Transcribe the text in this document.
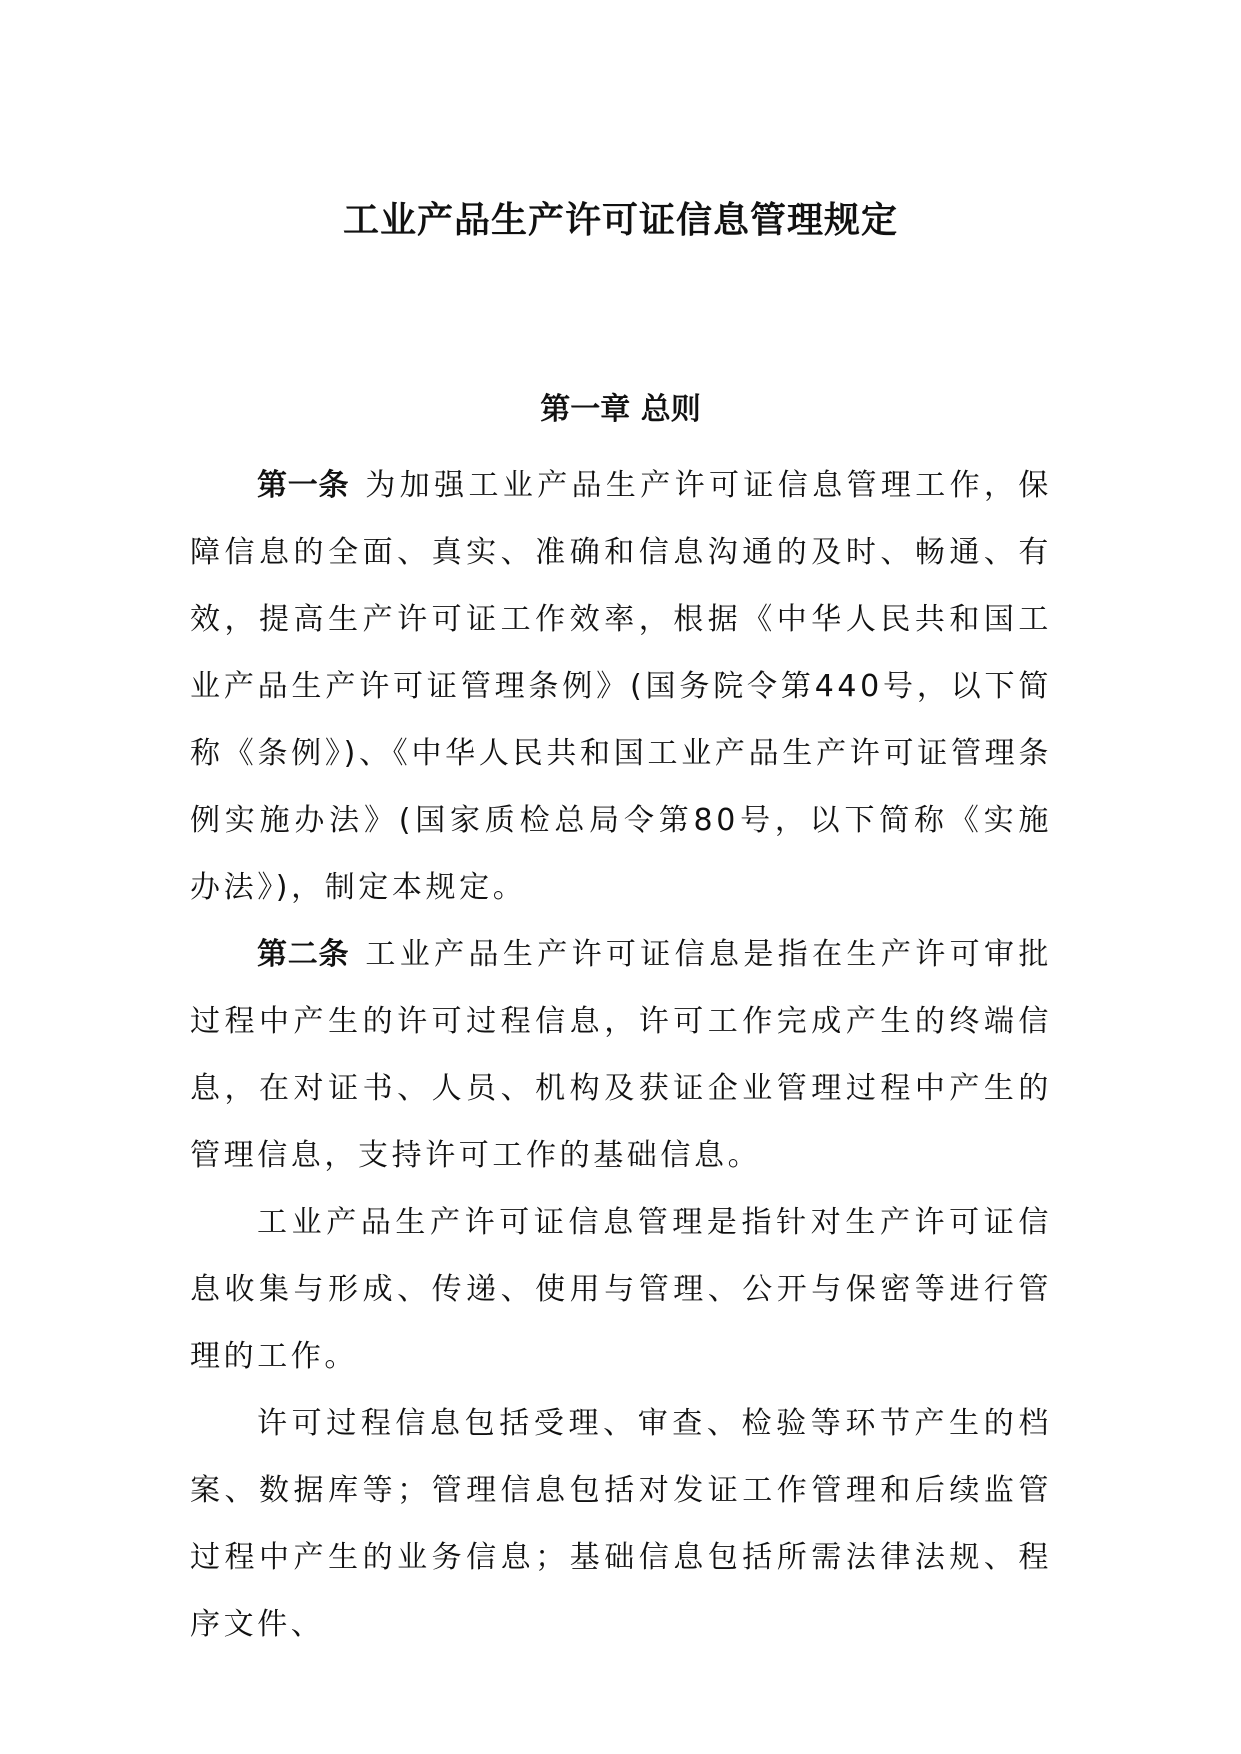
工业产品生产许可证信息管理规定
第一章 总则

第一条 为加强工业产品生产许可证信息管理工作，保障信息的全面、真实、准确和信息沟通的及时、畅通、有效，提高生产许可证工作效率，根据《中华人民共和国工业产品生产许可证管理条例》(国务院令第440号，以下简称《条例》)、《中华人民共和国工业产品生产许可证管理条例实施办法》(国家质检总局令第80号，以下简称《实施办法》)，制定本规定。

第二条 工业产品生产许可证信息是指在生产许可审批过程中产生的许可过程信息，许可工作完成产生的终端信息，在对证书、人员、机构及获证企业管理过程中产生的管理信息，支持许可工作的基础信息。

工业产品生产许可证信息管理是指针对生产许可证信息收集与形成、传递、使用与管理、公开与保密等进行管理的工作。

许可过程信息包括受理、审查、检验等环节产生的档案、数据库等；管理信息包括对发证工作管理和后续监管过程中产生的业务信息；基础信息包括所需法律法规、程序文件、
